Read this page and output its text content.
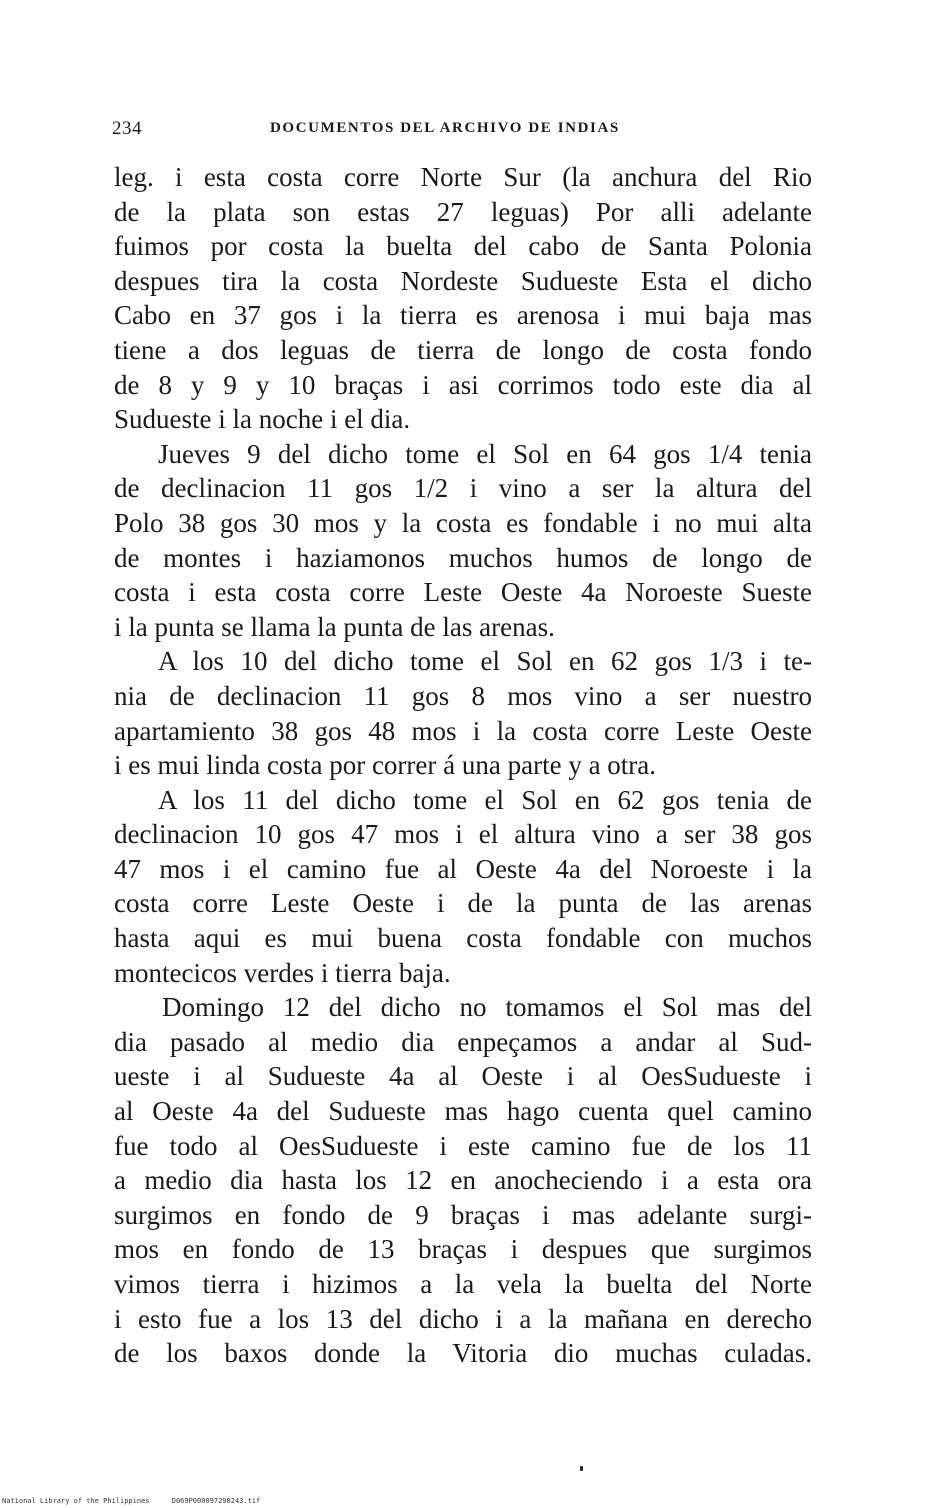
234	DOCUMENTOS DEL ARCHIVO DE INDIAS
leg. i esta costa corre Norte Sur (la anchura del Rio
de la plata son estas 27 leguas) Por alli adelante
fuimos por costa la buelta del cabo de Santa Polonia
despues tira la costa Nordeste Sudueste Esta el dicho
Cabo en 37 gos i la tierra es arenosa i mui baja mas
tiene a dos leguas de tierra de longo de costa fondo
de 8 y 9 y 10 braças i asi corrimos todo este dia al
Sudueste i la noche i el dia.
Jueves 9 del dicho tome el Sol en 64 gos 1/4 tenia
de declinacion 11 gos 1/2 i vino a ser la altura del
Polo 38 gos 30 mos y la costa es fondable i no mui alta
de montes i haziamonos muchos humos de longo de
costa i esta costa corre Leste Oeste 4a Noroeste Sueste
i la punta se llama la punta de las arenas.
A los 10 del dicho tome el Sol en 62 gos 1/3 i te-
nia de declinacion 11 gos 8 mos vino a ser nuestro
apartamiento 38 gos 48 mos i la costa corre Leste Oeste
i es mui linda costa por correr á una parte y a otra.
A los 11 del dicho tome el Sol en 62 gos tenia de
declinacion 10 gos 47 mos i el altura vino a ser 38 gos
47 mos i el camino fue al Oeste 4a del Noroeste i la
costa corre Leste Oeste i de la punta de las arenas
hasta aqui es mui buena costa fondable con muchos
montecicos verdes i tierra baja.
Domingo 12 del dicho no tomamos el Sol mas del
dia pasado al medio dia enpeçamos a andar al Sud-
ueste i al Sudueste 4a al Oeste i al OesSudueste i
al Oeste 4a del Sudueste mas hago cuenta quel camino
fue todo al OesSudueste i este camino fue de los 11
a medio dia hasta los 12 en anocheciendo i a esta ora
surgimos en fondo de 9 braças i mas adelante surgi-
mos en fondo de 13 braças i despues que surgimos
vimos tierra i hizimos a la vela la buelta del Norte
i esto fue a los 13 del dicho i a la mañana en derecho
de los baxos donde la Vitoria dio muchas culadas.
National Library of the Philippines	D069P000097290243.tif
